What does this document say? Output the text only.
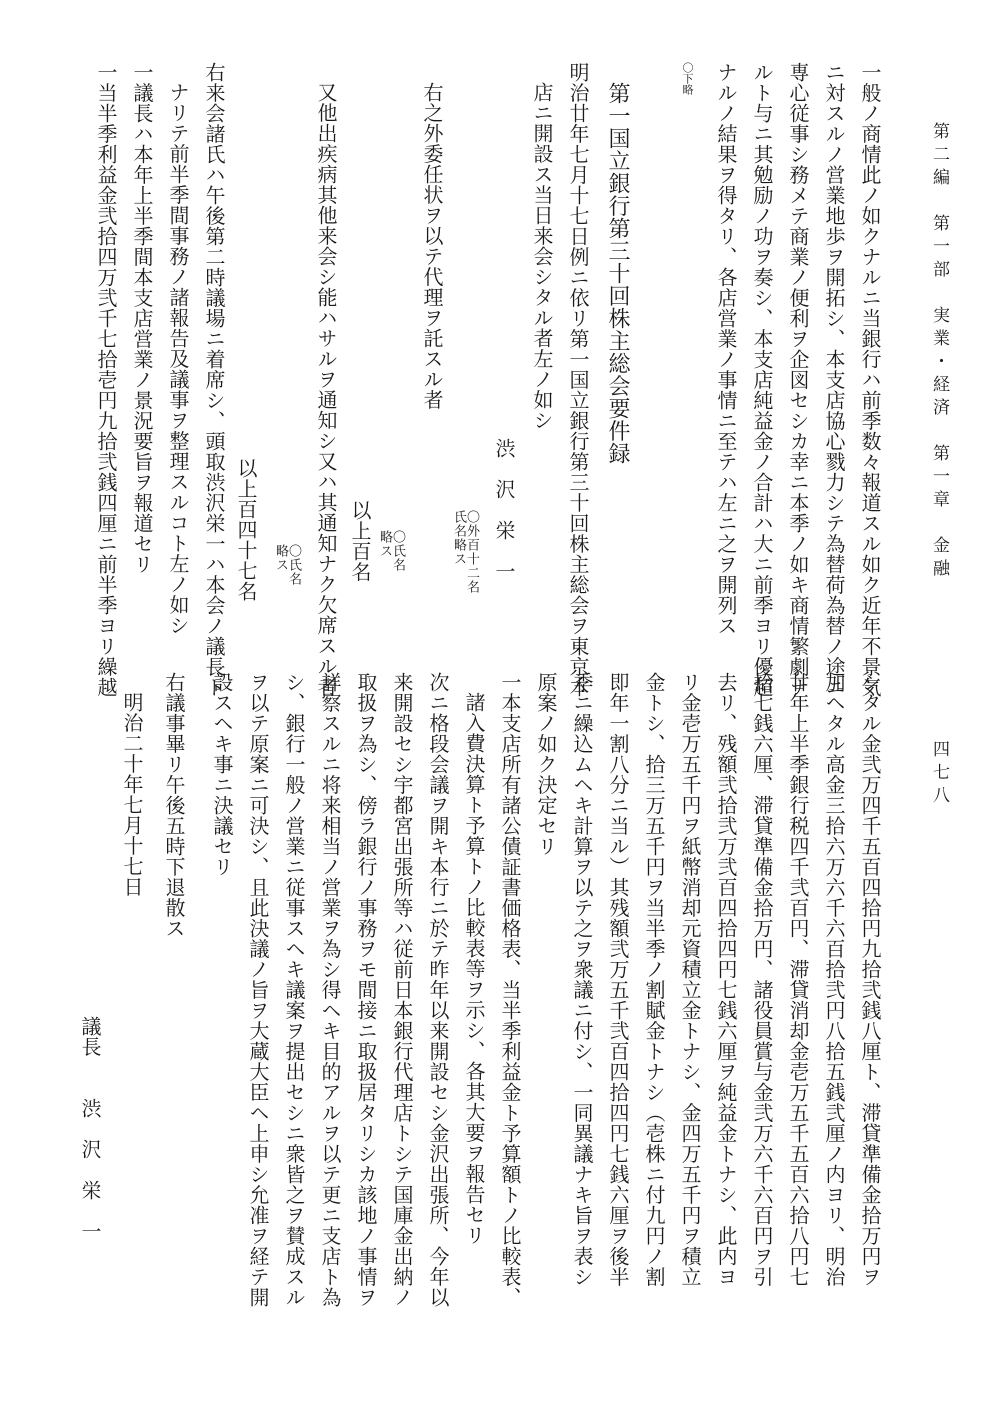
第二編　第一部　実業・経済　第一章　金融
四七八
一般ノ商情此ノ如クナルニ当銀行ハ前季数々報道スル如ク近年不景気
ニ対スルノ営業地歩ヲ開拓シ、本支店協心戮力シテ為替荷為替ノ途ニ
専心従事シ務メテ商業ノ便利ヲ企図セシカ幸ニ本季ノ如キ商情繁劇ナ
ルト与ニ其勉励ノ功ヲ奏シ、本支店純益金ノ合計ハ大ニ前季ヨリ優超
ナルノ結果ヲ得タリ、各店営業ノ事情ニ至テハ左ニ之ヲ開列ス
〇下略
第一国立銀行第三十回株主総会要件録
明治廿年七月十七日例ニ依リ第一国立銀行第三十回株主総会ヲ東京本
店ニ開設ス当日来会シタル者左ノ如シ
渋　沢　栄　一
〇外百十二名氏名略ス
右之外委任状ヲ以テ代理ヲ託スル者
〇氏名略ス
以上百名
又他出疾病其他来会シ能ハサルヲ通知シ又ハ其通知ナク欠席スル者
〇氏名略ス
以上百四十七名
右来会諸氏ハ午後第二時議場ニ着席シ、頭取渋沢栄一ハ本会ノ議長ト
ナリテ前半季間事務ノ諸報告及議事ヲ整理スルコト左ノ如シ
一議長ハ本年上半季間本支店営業ノ景況要旨ヲ報道セリ
一当半季利益金弐拾四万弐千七拾壱円九拾弐銭四厘ニ前半季ヨリ繰越
シタル金弐万四千五百四拾円九拾弐銭八厘ト、滞貸準備金拾万円ヲ
加ヘタル高金三拾六万六千六百拾弐円八拾五銭弐厘ノ内ヨリ、明治
廿年上半季銀行税四千弐百円、滞貸消却金壱万五千五百六拾八円七
拾七銭六厘、滞貸準備金拾万円、諸役員賞与金弐万六千六百円ヲ引
去リ、残額弐拾弐万弐百四拾四円七銭六厘ヲ純益金トナシ、此内ヨ
リ金壱万五千円ヲ紙幣消却元資積立金トナシ、金四万五千円ヲ積立
金トシ、拾三万五千円ヲ当半季ノ割賦金トナシ（壱株ニ付九円ノ割
即年一割八分ニ当ル）其残額弐万五千弐百四拾四円七銭六厘ヲ後半
季ニ繰込ムヘキ計算ヲ以テ之ヲ衆議ニ付シ、一同異議ナキ旨ヲ表シ
原案ノ如ク決定セリ
一本支店所有諸公債証書価格表、当半季利益金ト予算額トノ比較表、
諸入費決算ト予算トノ比較表等ヲ示シ、各其大要ヲ報告セリ
次ニ格段会議ヲ開キ本行ニ於テ昨年以来開設セシ金沢出張所、今年以
来開設セシ宇都宮出張所等ハ従前日本銀行代理店トシテ国庫金出納ノ
取扱ヲ為シ、傍ラ銀行ノ事務ヲモ間接ニ取扱居タリシカ該地ノ事情ヲ
詳察スルニ将来相当ノ営業ヲ為シ得ヘキ目的アルヲ以テ更ニ支店ト為
シ、銀行一般ノ営業ニ従事スヘキ議案ヲ提出セシニ衆皆之ヲ賛成スル
ヲ以テ原案ニ可決シ、且此決議ノ旨ヲ大蔵大臣ヘ上申シ允准ヲ経テ開
設スヘキ事ニ決議セリ
右議事畢リ午後五時下退散ス
明治二十年七月十七日
議長　　渋　沢　栄　一
